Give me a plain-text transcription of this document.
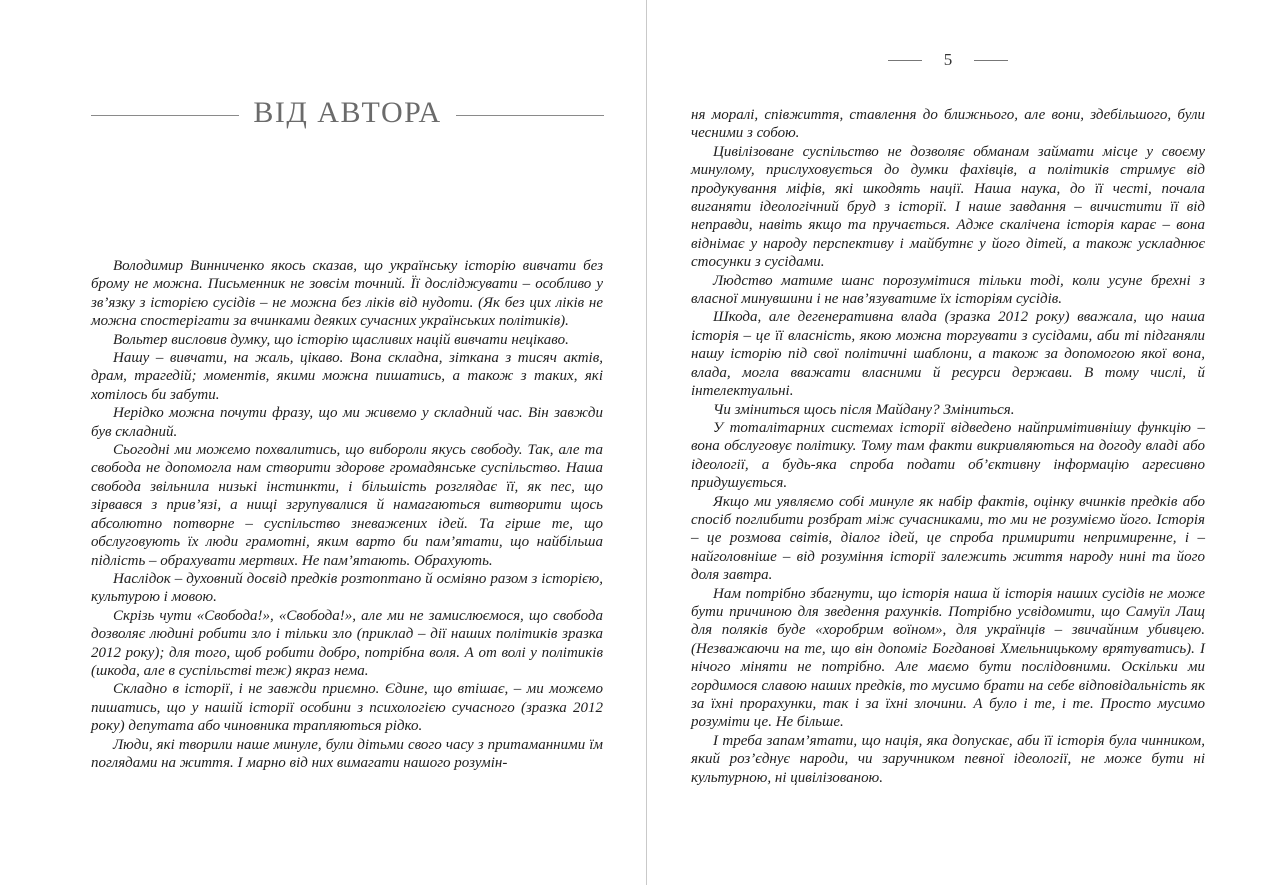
5
ВІД АВТОРА

Володимир Винниченко якось сказав, що українську історію вивчати без брому не можна. Письменник не зовсім точний. Її досліджувати – особливо у зв’язку з історією сусідів – не можна без ліків від нудоти. (Як без цих ліків не можна спостерігати за вчинками деяких сучасних українських політиків).

Вольтер висловив думку, що історію щасливих націй вивчати нецікаво.

Нашу – вивчати, на жаль, цікаво. Вона складна, зіткана з тисяч актів, драм, трагедій; моментів, якими можна пишатись, а також з таких, які хотілось би забути.

Нерідко можна почути фразу, що ми живемо у складний час. Він завжди був складний.

Сьогодні ми можемо похвалитись, що вибороли якусь свободу. Так, але та свобода не допомогла нам створити здорове громадянське суспільство. Наша свобода звільнила низькі інстинкти, і більшість розглядає її, як пес, що зірвався з прив’язі, а нищі згрупувалися й намагаються витворити щось абсолютно потворне – суспільство зневажених ідей. Та гірше те, що обслуговують їх люди грамотні, яким варто би пам’ятати, що найбільша підлість – обрахувати мертвих. Не пам’ятають. Обрахують.

Наслідок – духовний досвід предків розтоптано й осміяно разом з історією, культурою і мовою.

Скрізь чути «Свобода!», «Свобода!», але ми не замислюємося, що свобода дозволяє людині робити зло і тільки зло (приклад – дії наших політиків зразка 2012 року); для того, щоб робити добро, потрібна воля. А от волі у політиків (шкода, але в суспільстві теж) якраз нема.

Складно в історії, і не завжди приємно. Єдине, що втішає, – ми можемо пишатись, що у нашій історії особини з психологією сучасного (зразка 2012 року) депутата або чиновника трапляються рідко.

Люди, які творили наше минуле, були дітьми свого часу з притаманними їм поглядами на життя. І марно від них вимагати нашого розумін-

ня моралі, співжиття, ставлення до ближнього, але вони, здебільшого, були чесними з собою.

Цивілізоване суспільство не дозволяє обманам займати місце у своєму минулому, прислуховується до думки фахівців, а політиків стримує від продукування міфів, які шкодять нації. Наша наука, до її честі, почала виганяти ідеологічний бруд з історії. І наше завдання – вичистити її від неправди, навіть якщо та пручається. Адже скалічена історія карає – вона віднімає у народу перспективу і майбутнє у його дітей, а також ускладнює стосунки з сусідами.

Людство матиме шанс порозумітися тільки тоді, коли усуне брехні з власної минувшини і не нав’язуватиме їх історіям сусідів.

Шкода, але дегенеративна влада (зразка 2012 року) вважала, що наша історія – це її власність, якою можна торгувати з сусідами, аби ті підганяли нашу історію під свої політичні шаблони, а також за допомогою якої вона, влада, могла вважати власними й ресурси держави. В тому числі, й інтелектуальні.

Чи зміниться щось після Майдану? Зміниться.

У тоталітарних системах історії відведено найпримітивнішу функцію – вона обслуговує політику. Тому там факти викривляються на догоду владі або ідеології, а будь-яка спроба подати об’єктивну інформацію агресивно придушується.

Якщо ми уявляємо собі минуле як набір фактів, оцінку вчинків предків або спосіб поглибити розбрат між сучасниками, то ми не розуміємо його. Історія – це розмова світів, діалог ідей, це спроба примирити непримиренне, і – найголовніше – від розуміння історії залежить життя народу нині та його доля завтра.

Нам потрібно збагнути, що історія наша й історія наших сусідів не може бути причиною для зведення рахунків. Потрібно усвідомити, що Самуїл Лащ для поляків буде «хоробрим воїном», для українців – звичайним убивцею. (Незважаючи на те, що він допоміг Богданові Хмельницькому врятуватись). І нічого міняти не потрібно. Але маємо бути послідовними. Оскільки ми гордимося славою наших предків, то мусимо брати на себе відповідальність як за їхні прорахунки, так і за їхні злочини. А було і те, і те. Просто мусимо розуміти це. Не більше.

І треба запам’ятати, що нація, яка допускає, аби її історія була чинником, який роз’єднує народи, чи заручником певної ідеології, не може бути ні культурною, ні цивілізованою.
